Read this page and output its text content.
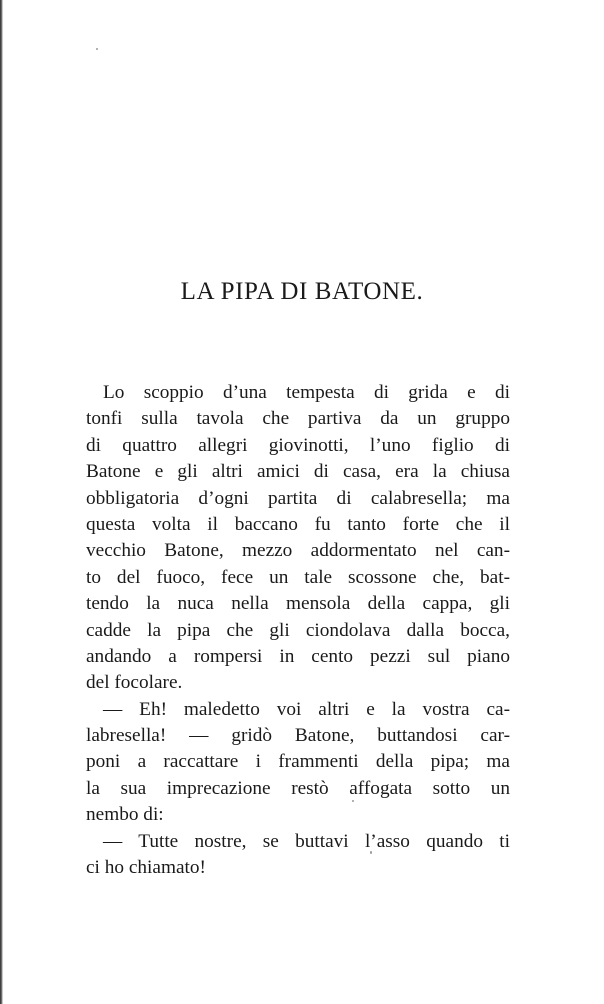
LA PIPA DI BATONE.
Lo scoppio d’una tempesta di grida e di
tonfi sulla tavola che partiva da un gruppo
di quattro allegri giovinotti, l’uno figlio di
Batone e gli altri amici di casa, era la chiusa
obbligatoria d’ogni partita di calabresella; ma
questa volta il baccano fu tanto forte che il
vecchio Batone, mezzo addormentato nel can-
to del fuoco, fece un tale scossone che, bat-
tendo la nuca nella mensola della cappa, gli
cadde la pipa che gli ciondolava dalla bocca,
andando a rompersi in cento pezzi sul piano
del focolare.
— Eh! maledetto voi altri e la vostra ca-
labresella! — gridò Batone, buttandosi car-
poni a raccattare i frammenti della pipa; ma
la sua imprecazione restò affogata sotto un
nembo di:
— Tutte nostre, se buttavi l’asso quando ti
ci ho chiamato!
